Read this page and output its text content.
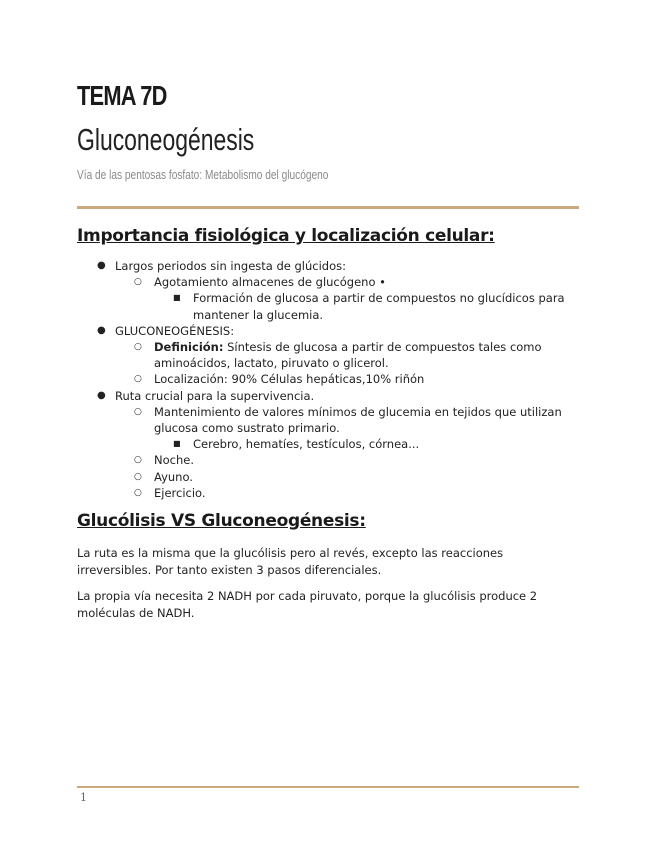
TEMA 7D
Gluconeogénesis
Vía de las pentosas fosfato: Metabolismo del glucógeno
Importancia fisiológica y localización celular:
● Largos periodos sin ingesta de glúcidos:
○ Agotamiento almacenes de glucógeno •
■ Formación de glucosa a partir de compuestos no glucídicos para mantener la glucemia.
● GLUCONEOGÉNESIS:
○ Definición: Síntesis de glucosa a partir de compuestos tales como aminoácidos, lactato, piruvato o glicerol.
○ Localización: 90% Células hepáticas,10% riñón
● Ruta crucial para la supervivencia.
○ Mantenimiento de valores mínimos de glucemia en tejidos que utilizan glucosa como sustrato primario.
■ Cerebro, hematíes, testículos, córnea...
○ Noche.
○ Ayuno.
○ Ejercicio.
Glucólisis VS Gluconeogénesis:

La ruta es la misma que la glucólisis pero al revés, excepto las reacciones irreversibles. Por tanto existen 3 pasos diferenciales.

La propia vía necesita 2 NADH por cada piruvato, porque la glucólisis produce 2 moléculas de NADH.

1
